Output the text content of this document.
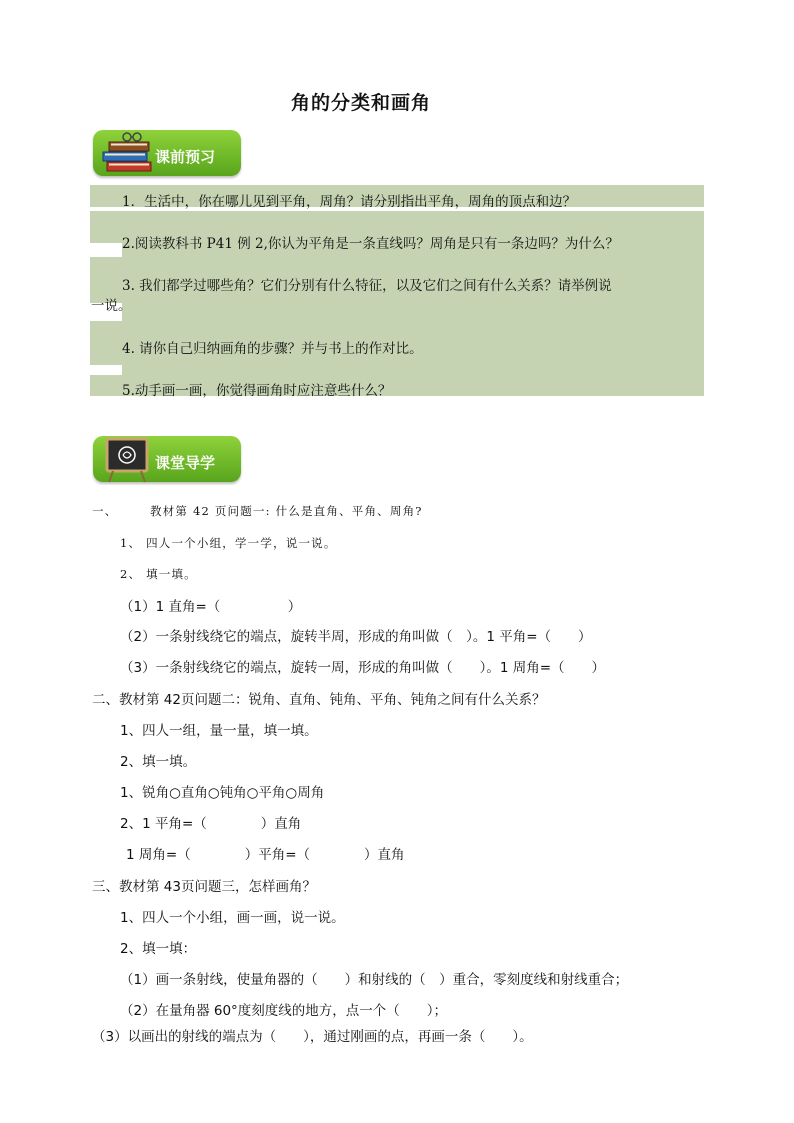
角的分类和画角
课前预习
1．生活中，你在哪儿见到平角，周角？请分别指出平角，周角的顶点和边？
2.阅读教科书 P41 例 2,你认为平角是一条直线吗？周角是只有一条边吗？为什么？
3. 我们都学过哪些角？它们分别有什么特征，以及它们之间有什么关系？请举例说
一说。
4. 请你自己归纳画角的步骤？并与书上的作对比。
5.动手画一画，你觉得画角时应注意些什么？
课堂导学
一、	教材第 42 页问题一: 什么是直角、平角、周角?
1、 四人一个小组，学一学，说一说。
2、 填一填。
（1）1 直角=（　　　　　）
（2）一条射线绕它的端点，旋转半周，形成的角叫做（　）。1 平角=（　　）
（3）一条射线绕它的端点，旋转一周，形成的角叫做（　　）。1 周角=（　　）
二、教材第 42页问题二：锐角、直角、钝角、平角、钝角之间有什么关系？
1、四人一组，量一量，填一填。
2、填一填。
1、锐角○直角○钝角○平角○周角
2、1 平角=（　　　　）直角
1 周角=（　　　　）平角=（　　　　）直角
三、教材第 43页问题三，怎样画角？
1、四人一个小组，画一画，说一说。
2、填一填：
（1）画一条射线，使量角器的（　　）和射线的（　）重合，零刻度线和射线重合；
（2）在量角器 60°度刻度线的地方，点一个（　　）；
（3）以画出的射线的端点为（　　），通过刚画的点，再画一条（　　）。
